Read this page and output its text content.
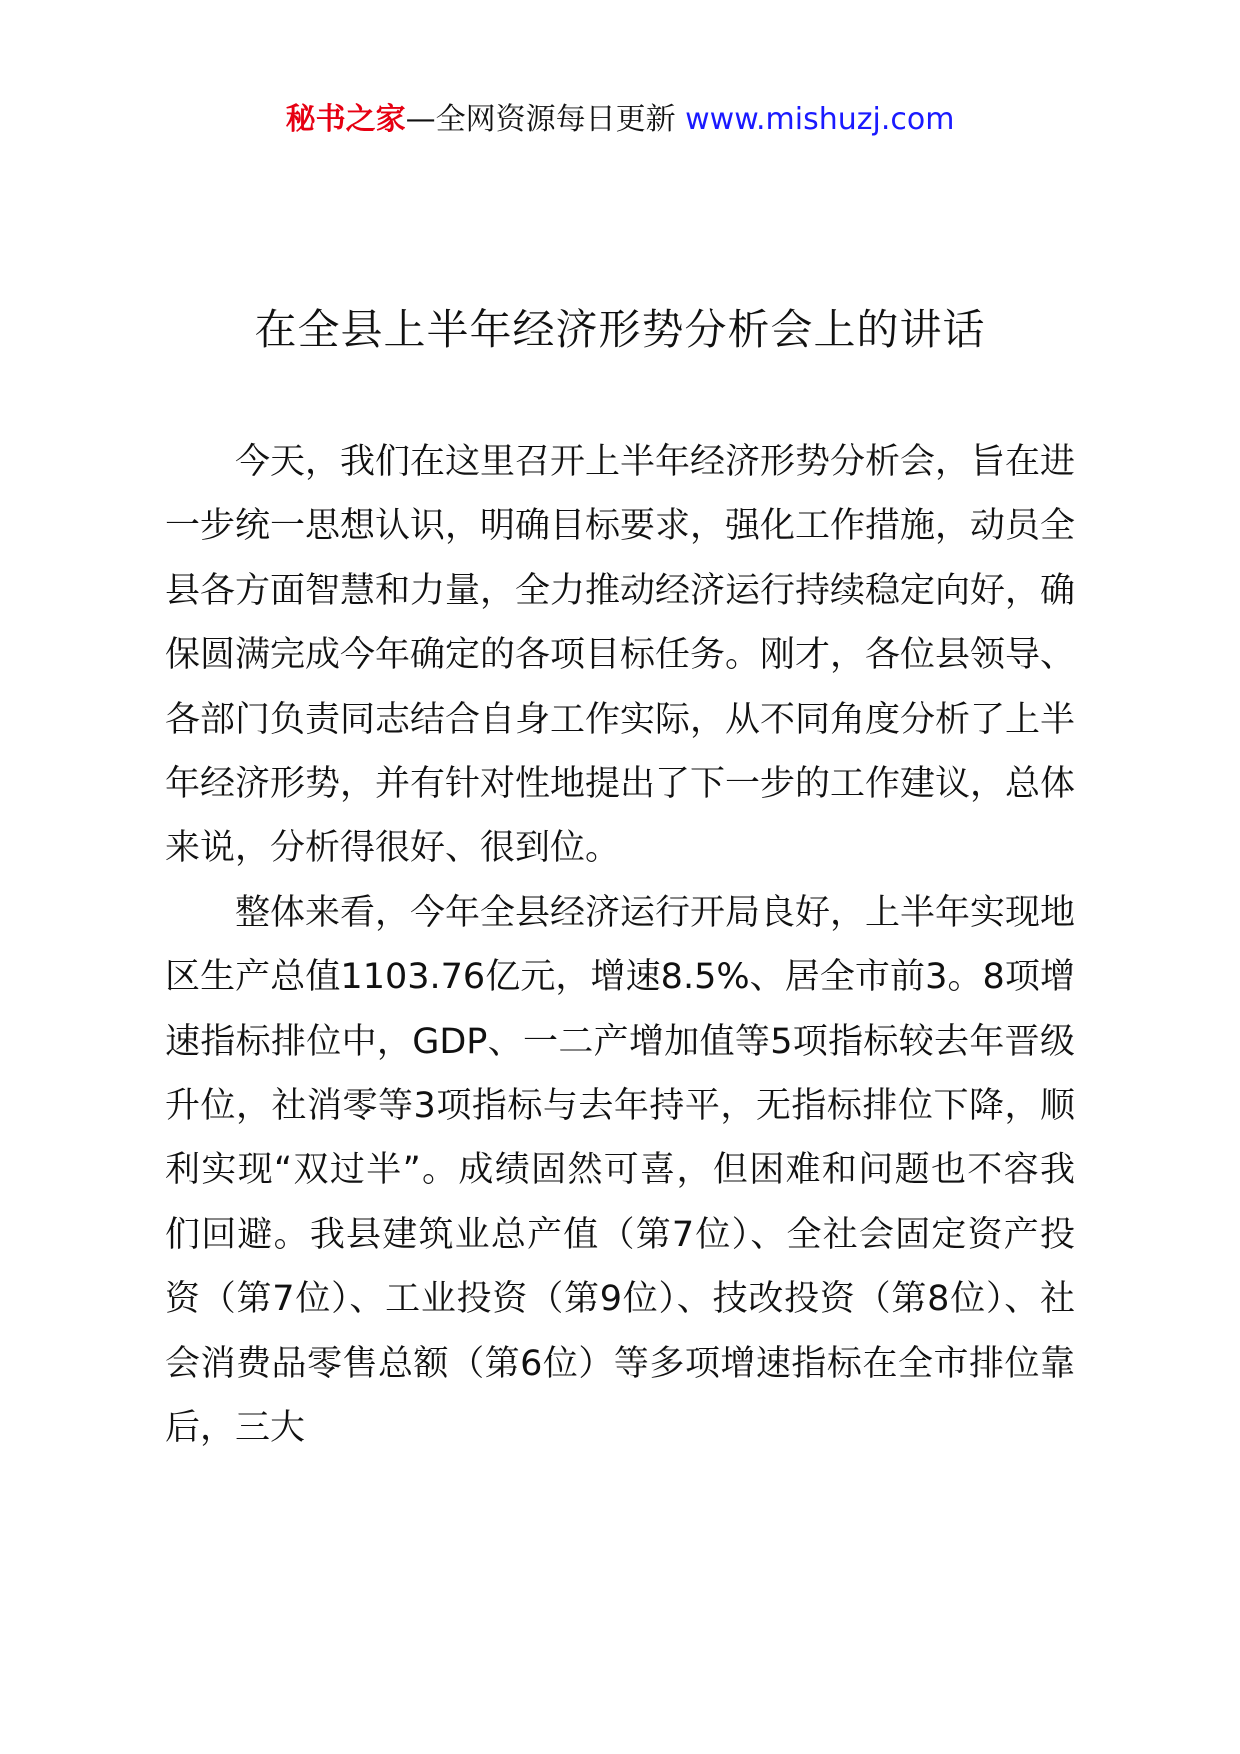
秘书之家—全网资源每日更新 www.mishuzj.com
在全县上半年经济形势分析会上的讲话

今天，我们在这里召开上半年经济形势分析会，旨在进一步统一思想认识，明确目标要求，强化工作措施，动员全县各方面智慧和力量，全力推动经济运行持续稳定向好，确保圆满完成今年确定的各项目标任务。刚才，各位县领导、各部门负责同志结合自身工作实际，从不同角度分析了上半年经济形势，并有针对性地提出了下一步的工作建议，总体来说，分析得很好、很到位。

整体来看，今年全县经济运行开局良好，上半年实现地区生产总值1103.76亿元，增速8.5%、居全市前3。8项增速指标排位中，GDP、一二产增加值等5项指标较去年晋级升位，社消零等3项指标与去年持平，无指标排位下降，顺利实现“双过半”。成绩固然可喜，但困难和问题也不容我们回避。我县建筑业总产值（第7位）、全社会固定资产投资（第7位）、工业投资（第9位）、技改投资（第8位）、社会消费品零售总额（第6位）等多项增速指标在全市排位靠后，三大
